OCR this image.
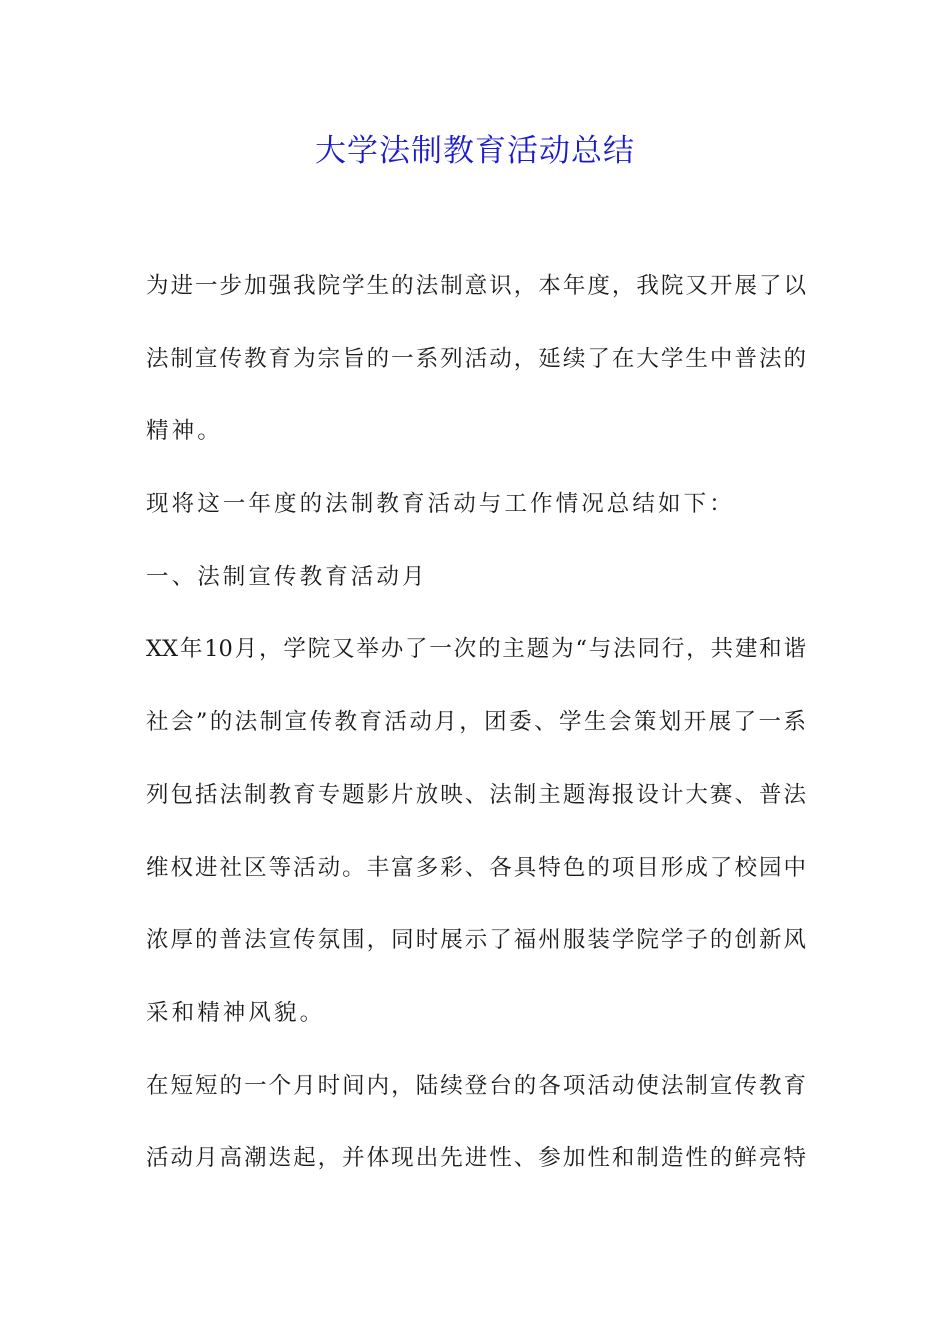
大学法制教育活动总结
为进一步加强我院学生的法制意识，本年度，我院又开展了以
法制宣传教育为宗旨的一系列活动，延续了在大学生中普法的
精神。
现将这一年度的法制教育活动与工作情况总结如下：
一、法制宣传教育活动月
XX年10月，学院又举办了一次的主题为“与法同行，共建和谐
社会”的法制宣传教育活动月，团委、学生会策划开展了一系
列包括法制教育专题影片放映、法制主题海报设计大赛、普法
维权进社区等活动。丰富多彩、各具特色的项目形成了校园中
浓厚的普法宣传氛围，同时展示了福州服装学院学子的创新风
采和精神风貌。
在短短的一个月时间内，陆续登台的各项活动使法制宣传教育
活动月高潮迭起，并体现出先进性、参加性和制造性的鲜亮特
